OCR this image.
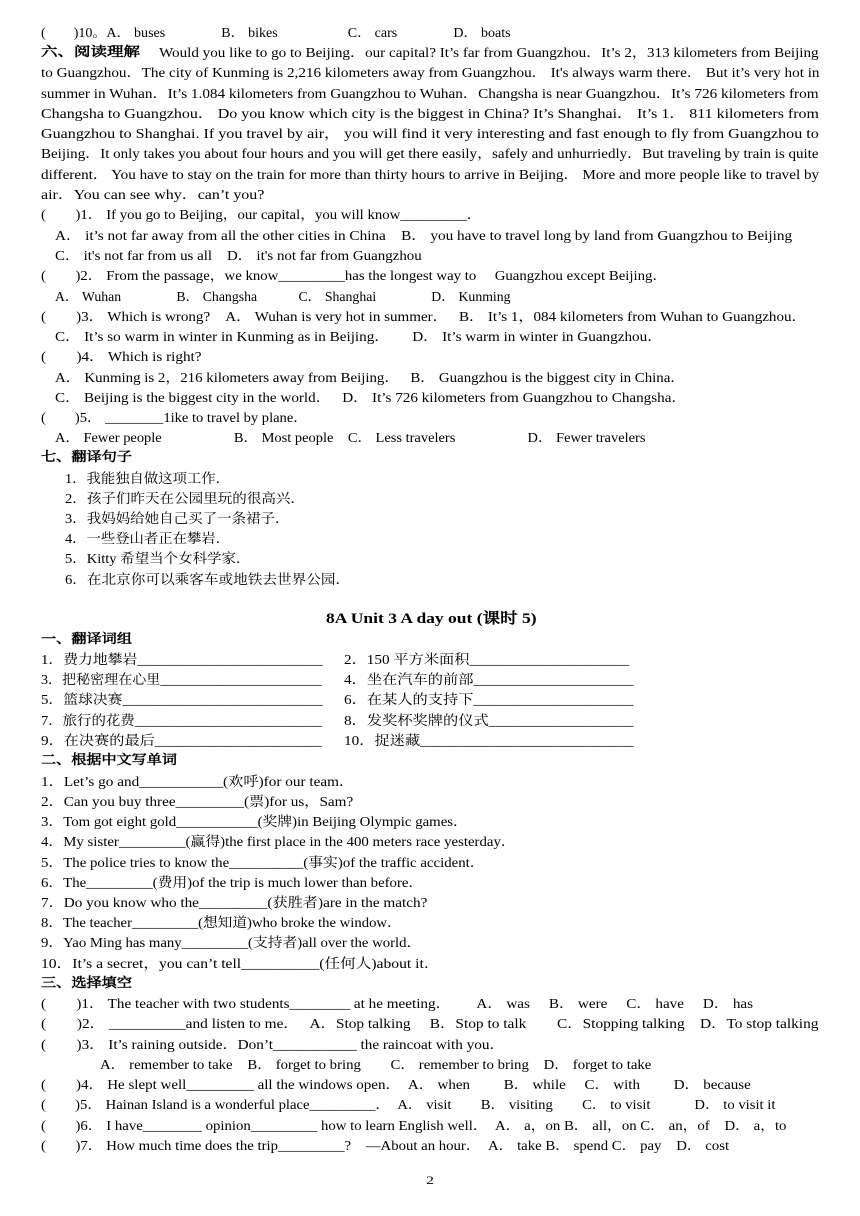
(　　)10。A． buses　　　　B． bikes　　　　　C． cars　　　　D． boats
六、阅读理解 Would you like to go to Beijing．our capital? It’s far from Guangzhou．It’s 2，313 kilometers from Beijing
to Guangzhou．The city of Kunming is 2,216 kilometers away from Guangzhou． It's always warm there． But it’s very hot in
summer in Wuhan．It’s 1.084 kilometers from Guangzhou to Wuhan．Changsha is near Guangzhou．It’s 726 kilometers from
Changsha to Guangzhou． Do you know which city is the biggest in China? It’s Shanghai． It’s 1． 811 kilometers from
Guangzhou to Shanghai. If you travel by air， you will find it very interesting and fast enough to fly from Guangzhou to
Beijing．It only takes you about four hours and you will get there easily，safely and unhurriedly．But traveling by train is quite
different． You have to stay on the train for more than thirty hours to arrive in Beijing． More and more people like to travel by
air．You can see why．can’t you?
(　　)1． If you go to Beijing，our capital，you will know_________．
A． it’s not far away from all the other cities in China　B． you have to travel long by land from Guangzhou to Beijing
C． it's not far from us all　D． it's not far from Guangzhou
(　　)2． From the passage，we know_________has the longest way to　 Guangzhou except Beijing．
A． Wuhan　　　　B． Changsha　　　C． Shanghai　　　　D． Kunming
(　　)3． Which is wrong?　A． Wuhan is very hot in summer．　 B． It’s 1，084 kilometers from Wuhan to Guangzhou．
C． It’s so warm in winter in Kunming as in Beijing．　　D． It’s warm in winter in Guangzhou．
(　　)4． Which is right?
A． Kunming is 2，216 kilometers away from Beijing．　 B． Guangzhou is the biggest city in China．
C． Beijing is the biggest city in the world．　 D． It’s 726 kilometers from Guangzhou to Changsha．
(　　)5． ________1ike to travel by plane．
A． Fewer people　　　　　B． Most people　C． Less travelers　　　　　D． Fewer travelers
七、翻译句子
1．我能独自做这项工作．
2．孩子们昨天在公园里玩的很高兴．
3．我妈妈给她自己买了一条裙子．
4．一些登山者正在攀岩．
5．Kitty 希望当个女科学家．
6．在北京你可以乘客车或地铁去世界公园．
8A Unit 3 A day out (课时 5)
一、翻译词组
1．费力地攀岩_________________________ 2．150 平方米面积_____________________
3．把秘密理在心里_______________________ 4．坐在汽车的前部_____________________
5．篮球决赛___________________________ 6．在某人的支持下_____________________
7．旅行的花费__________________________ 8．发奖杯奖牌的仪式___________________
9．在决赛的最后______________________ 10．捉迷藏____________________________
二、根据中文写单词
1．Let’s go and___________(欢呼)for our team．
2．Can you buy three_________(票)for us，Sam?
3．Tom got eight gold___________(奖牌)in Beijing Olympic games．
4．My sister_________(赢得)the first place in the 400 meters race yesterday．
5．The police tries to know the__________(事实)of the traffic accident．
6．The_________(费用)of the trip is much lower than before．
7．Do you know who the_________(获胜者)are in the match?
8．The teacher_________(想知道)who broke the window．
9．Yao Ming has many_________(支持者)all over the world．
10．It’s a secret，you can’t tell__________(任何人)about it．
三、选择填空
(　　)1． The teacher with two students________ at he meeting．　　 A． was　 B． were　 C． have　 D． has
(　　)2． __________and listen to me．　 A．Stop talking　 B．Stop to talk　　C．Stopping talking　D．To stop talking
(　　)3． It’s raining outside．Don’t___________ the raincoat with you．
A． remember to take　B． forget to bring　　C． remember to bring　D． forget to take
(　　)4． He slept well_________ all the windows open．　A． when　　 B． while　 C． with　　 D． because
(　　)5． Hainan Island is a wonderful place_________．　A． visit　　B． visiting　　C． to visit　　　D． to visit it
(　　)6． I have________ opinion_________ how to learn English well．　A． a，on B． all，on C． an，of　D． a，to
(　　)7． How much time does the trip_________?　—About an hour．　A． take B． spend C． pay　D． cost
2
